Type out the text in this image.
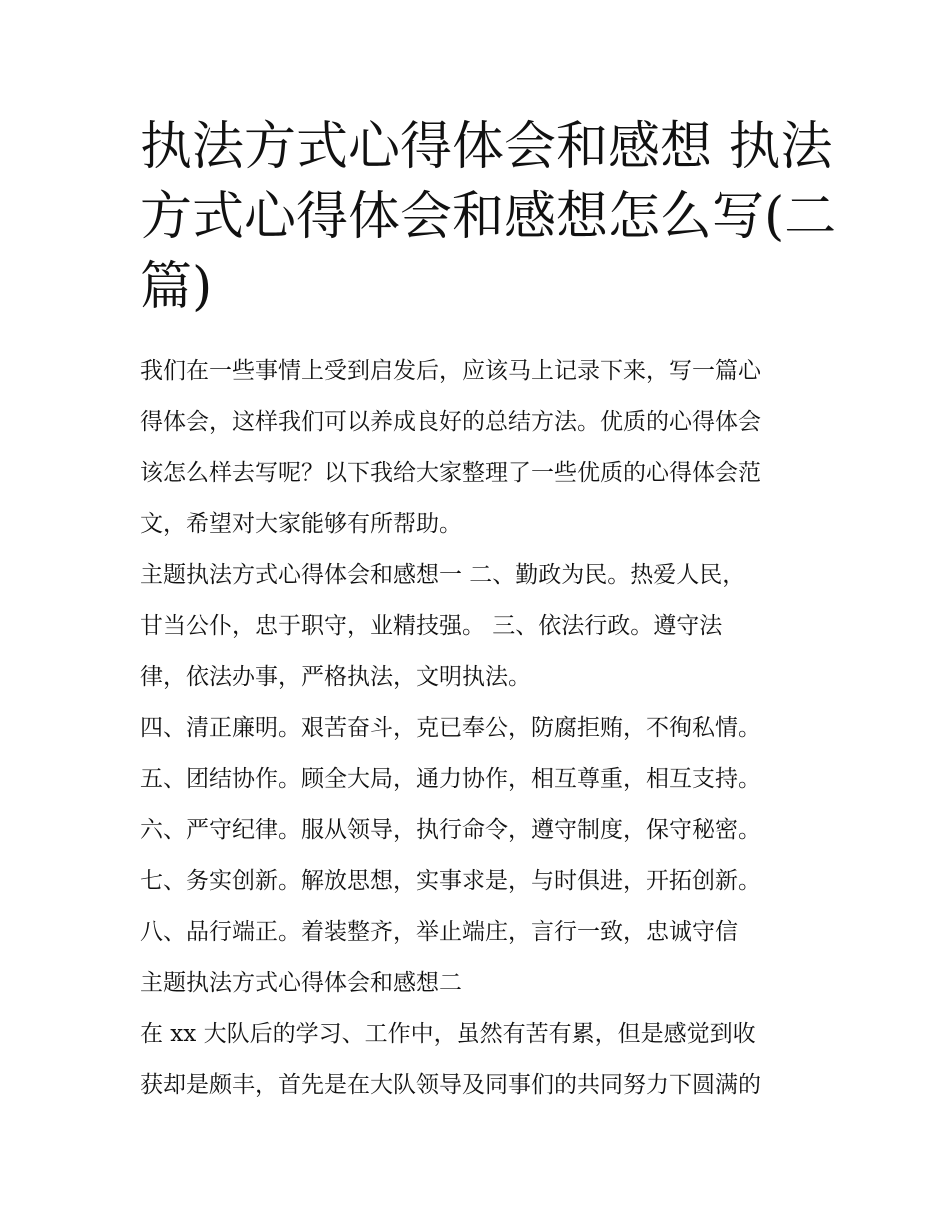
执法方式心得体会和感想 执法
方式心得体会和感想怎么写(二
篇)
我们在一些事情上受到启发后，应该马上记录下来，写一篇心
得体会，这样我们可以养成良好的总结方法。优质的心得体会
该怎么样去写呢？以下我给大家整理了一些优质的心得体会范
文，希望对大家能够有所帮助。
主题执法方式心得体会和感想一 二、勤政为民。热爱人民，
甘当公仆，忠于职守，业精技强。 三、依法行政。遵守法
律，依法办事，严格执法，文明执法。
四、清正廉明。艰苦奋斗，克已奉公，防腐拒贿，不徇私情。
五、团结协作。顾全大局，通力协作，相互尊重，相互支持。
六、严守纪律。服从领导，执行命令，遵守制度，保守秘密。
七、务实创新。解放思想，实事求是，与时俱进，开拓创新。
八、品行端正。着装整齐，举止端庄，言行一致，忠诚守信
主题执法方式心得体会和感想二
在 xx 大队后的学习、工作中，虽然有苦有累，但是感觉到收
获却是颇丰，首先是在大队领导及同事们的共同努力下圆满的
